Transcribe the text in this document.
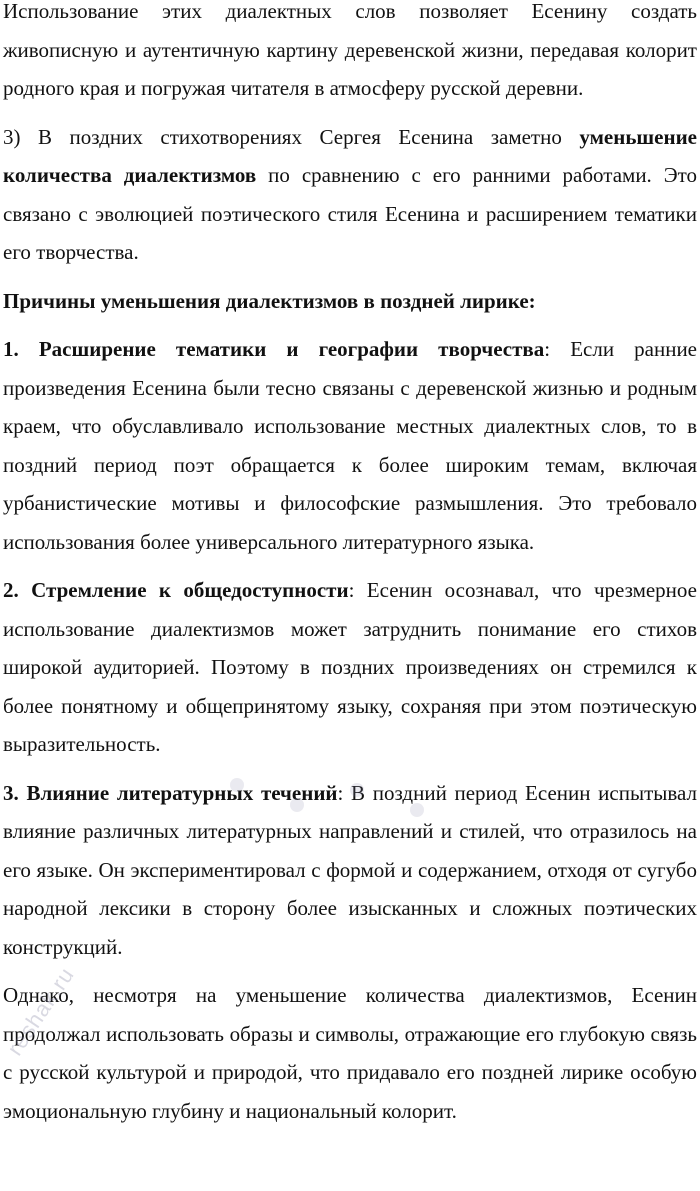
Использование этих диалектных слов позволяет Есенину создать живописную и аутентичную картину деревенской жизни, передавая колорит родного края и погружая читателя в атмосферу русской деревни.

3) В поздних стихотворениях Сергея Есенина заметно уменьшение количества диалектизмов по сравнению с его ранними работами. Это связано с эволюцией поэтического стиля Есенина и расширением тематики его творчества.

Причины уменьшения диалектизмов в поздней лирике:

1. Расширение тематики и географии творчества: Если ранние произведения Есенина были тесно связаны с деревенской жизнью и родным краем, что обуславливало использование местных диалектных слов, то в поздний период поэт обращается к более широким темам, включая урбанистические мотивы и философские размышления. Это требовало использования более универсального литературного языка.

2. Стремление к общедоступности: Есенин осознавал, что чрезмерное использование диалектизмов может затруднить понимание его стихов широкой аудиторией. Поэтому в поздних произведениях он стремился к более понятному и общепринятому языку, сохраняя при этом поэтическую выразительность.

3. Влияние литературных течений: В поздний период Есенин испытывал влияние различных литературных направлений и стилей, что отразилось на его языке. Он экспериментировал с формой и содержанием, отходя от сугубо народной лексики в сторону более изысканных и сложных поэтических конструкций.

Однако, несмотря на уменьшение количества диалектизмов, Есенин продолжал использовать образы и символы, отражающие его глубокую связь с русской культурой и природой, что придавало его поздней лирике особую эмоциональную глубину и национальный колорит.

reshak.ru
